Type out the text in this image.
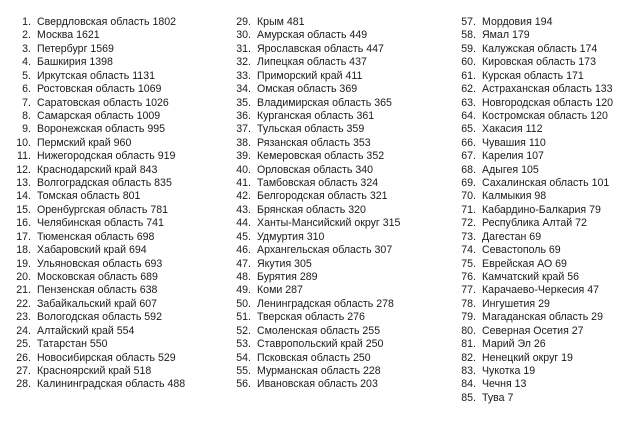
1. Свердловская область 1802
2. Москва 1621
3. Петербург 1569
4. Башкирия 1398
5. Иркутская область 1131
6. Ростовская область 1069
7. Саратовская область 1026
8. Самарская область 1009
9. Воронежская область 995
10. Пермский край 960
11. Нижегородская область 919
12. Краснодарский край 843
13. Волгоградская область 835
14. Томская область 801
15. Оренбургская область 781
16. Челябинская область 741
17. Тюменская область 698
18. Хабаровский край 694
19. Ульяновская область 693
20. Московская область 689
21. Пензенская область 638
22. Забайкальский край 607
23. Вологодская область 592
24. Алтайский край 554
25. Татарстан 550
26. Новосибирская область 529
27. Красноярский край 518
28. Калининградская область 488
29. Крым 481
30. Амурская область 449
31. Ярославская область 447
32. Липецкая область 437
33. Приморский край 411
34. Омская область 369
35. Владимирская область 365
36. Курганская область 361
37. Тульская область 359
38. Рязанская область 353
39. Кемеровская область 352
40. Орловская область 340
41. Тамбовская область 324
42. Белгородская область 321
43. Брянская область 320
44. Ханты-Мансийский округ 315
45. Удмуртия 310
46. Архангельская область 307
47. Якутия 305
48. Бурятия 289
49. Коми 287
50. Ленинградская область 278
51. Тверская область 276
52. Смоленская область 255
53. Ставропольский край 250
54. Псковская область 250
55. Мурманская область 228
56. Ивановская область 203
57. Мордовия 194
58. Ямал 179
59. Калужская область 174
60. Кировская область 173
61. Курская область 171
62. Астраханская область 133
63. Новгородская область 120
64. Костромская область 120
65. Хакасия 112
66. Чувашия 110
67. Карелия 107
68. Адыгея 105
69. Сахалинская область 101
70. Калмыкия 98
71. Кабардино-Балкария 79
72. Республика Алтай 72
73. Дагестан 69
74. Севастополь 69
75. Еврейская АО 69
76. Камчатский край 56
77. Карачаево-Черкесия 47
78. Ингушетия 29
79. Магаданская область 29
80. Северная Осетия 27
81. Марий Эл 26
82. Ненецкий округ 19
83. Чукотка 19
84. Чечня 13
85. Тува 7
